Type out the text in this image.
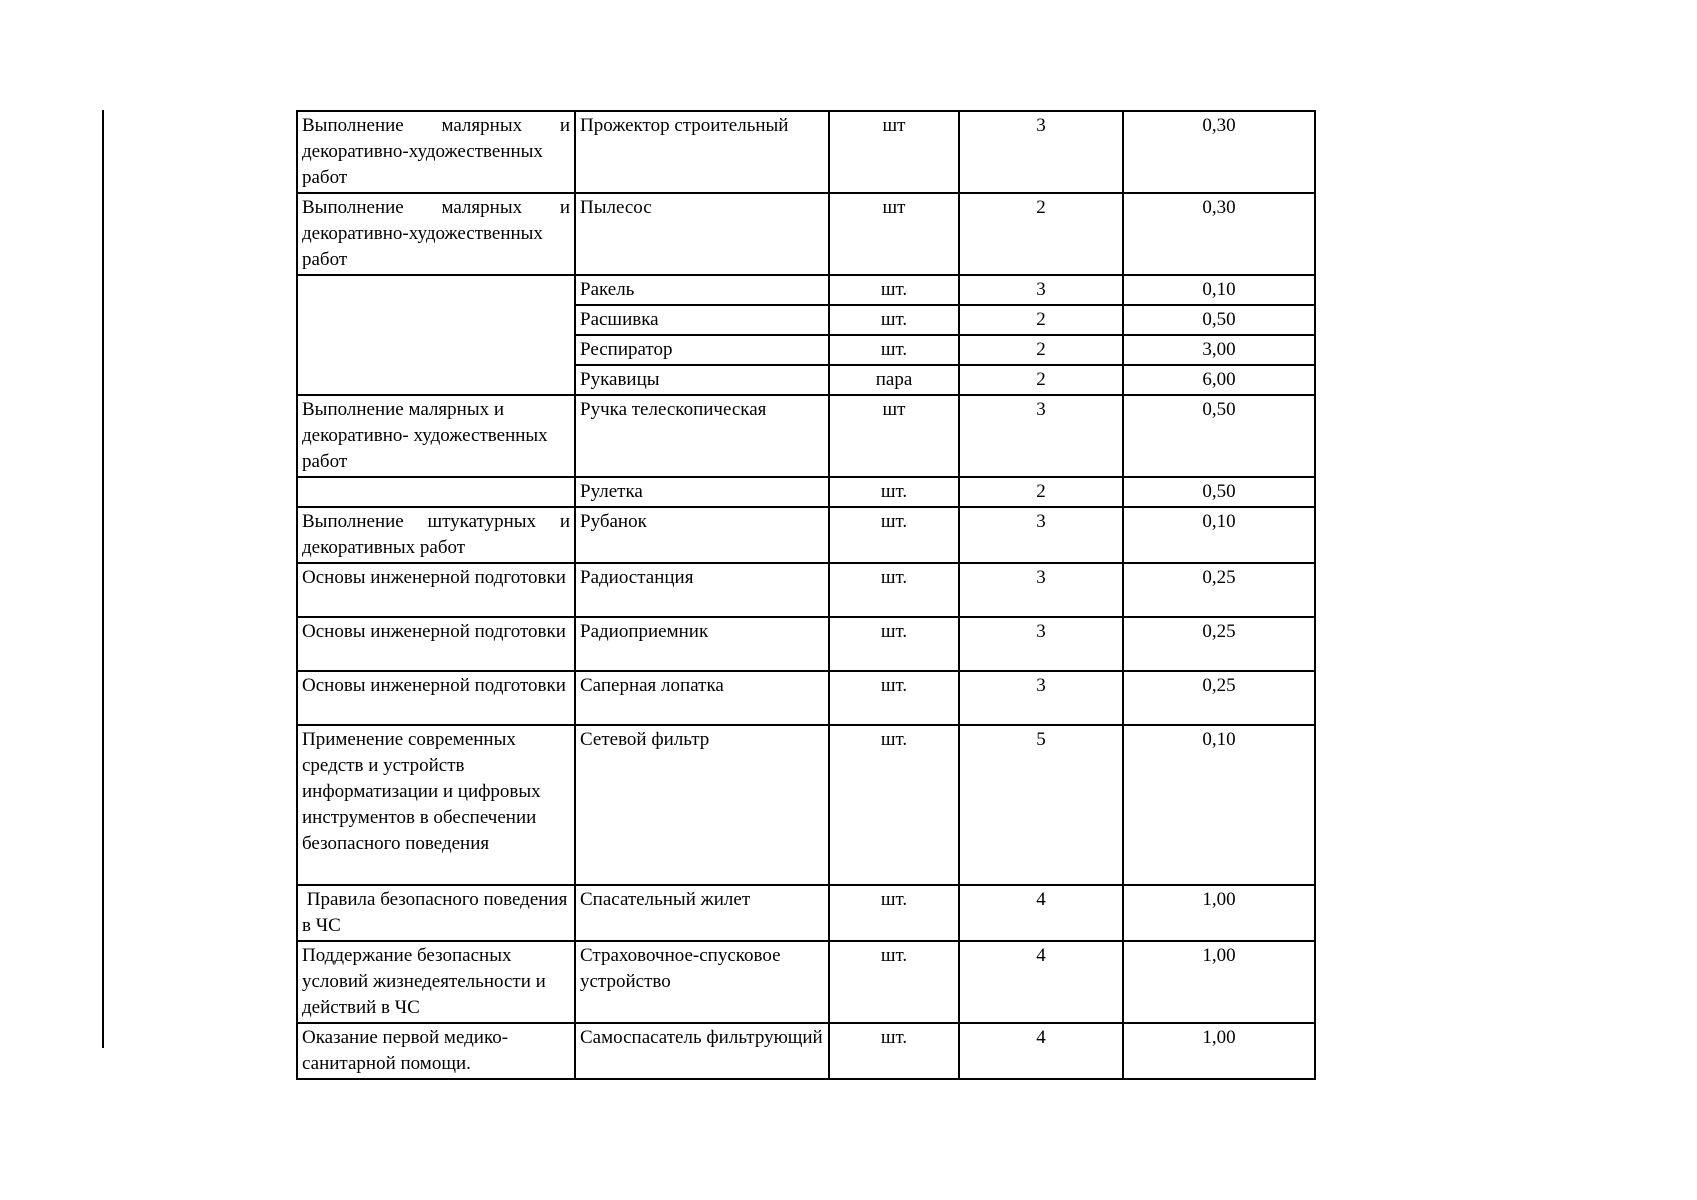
Выполнение малярных и декоративно-художественных работ	Прожектор строительный	шт	3	0,30
Выполнение малярных и декоративно-художественных работ	Пылесос	шт	2	0,30
	Ракель	шт.	3	0,10
	Расшивка	шт.	2	0,50
	Респиратор	шт.	2	3,00
	Рукавицы	пара	2	6,00
Выполнение малярных и декоративно- художественных работ	Ручка телескопическая	шт	3	0,50
	Рулетка	шт.	2	0,50
Выполнение штукатурных и декоративных работ	Рубанок	шт.	3	0,10
Основы инженерной подготовки	Радиостанция	шт.	3	0,25
Основы инженерной подготовки	Радиоприемник	шт.	3	0,25
Основы инженерной подготовки	Саперная лопатка	шт.	3	0,25
Применение современных средств и устройств информатизации и цифровых инструментов в обеспечении безопасного поведения	Сетевой фильтр	шт.	5	0,10
Правила безопасного поведения в ЧС	Спасательный жилет	шт.	4	1,00
Поддержание безопасных условий жизнедеятельности и действий в ЧС	Страховочное-спусковое устройство	шт.	4	1,00
Оказание первой медико-санитарной помощи.	Самоспасатель фильтрующий	шт.	4	1,00
